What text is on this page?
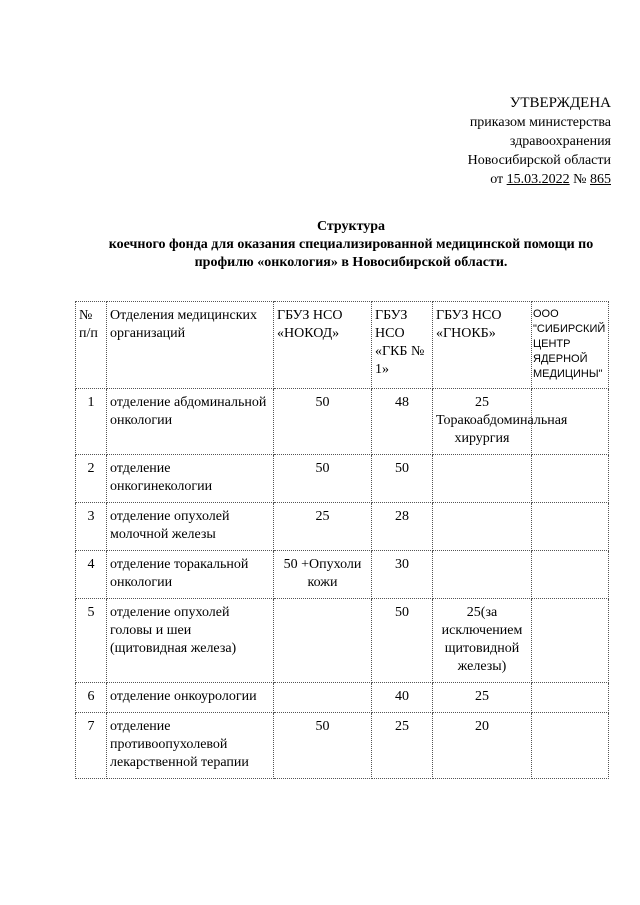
УТВЕРЖДЕНА
приказом министерства
здравоохранения
Новосибирской области
от 15.03.2022 № 865
Структура
коечного фонда для оказания специализированной медицинской помощи по
профилю «онкология» в Новосибирской области.
№ п/п	Отделения медицинских организаций	ГБУЗ НСО «НОКОД»	ГБУЗ НСО «ГКБ № 1»	ГБУЗ НСО «ГНОКБ»	ООО "СИБИРСКИЙ ЦЕНТР ЯДЕРНОЙ МЕДИЦИНЫ"
1	отделение абдоминальной онкологии	50	48	25 Торакоабдоминальная хирургия	
2	отделение онкогинекологии	50	50		
3	отделение опухолей молочной железы	25	28		
4	отделение торакальной онкологии	50 +Опухоли кожи	30		
5	отделение опухолей головы и шеи (щитовидная железа)		50	25(за исключением щитовидной железы)	
6	отделение онкоурологии		40	25	
7	отделение противоопухолевой лекарственной терапии	50	25	20	
